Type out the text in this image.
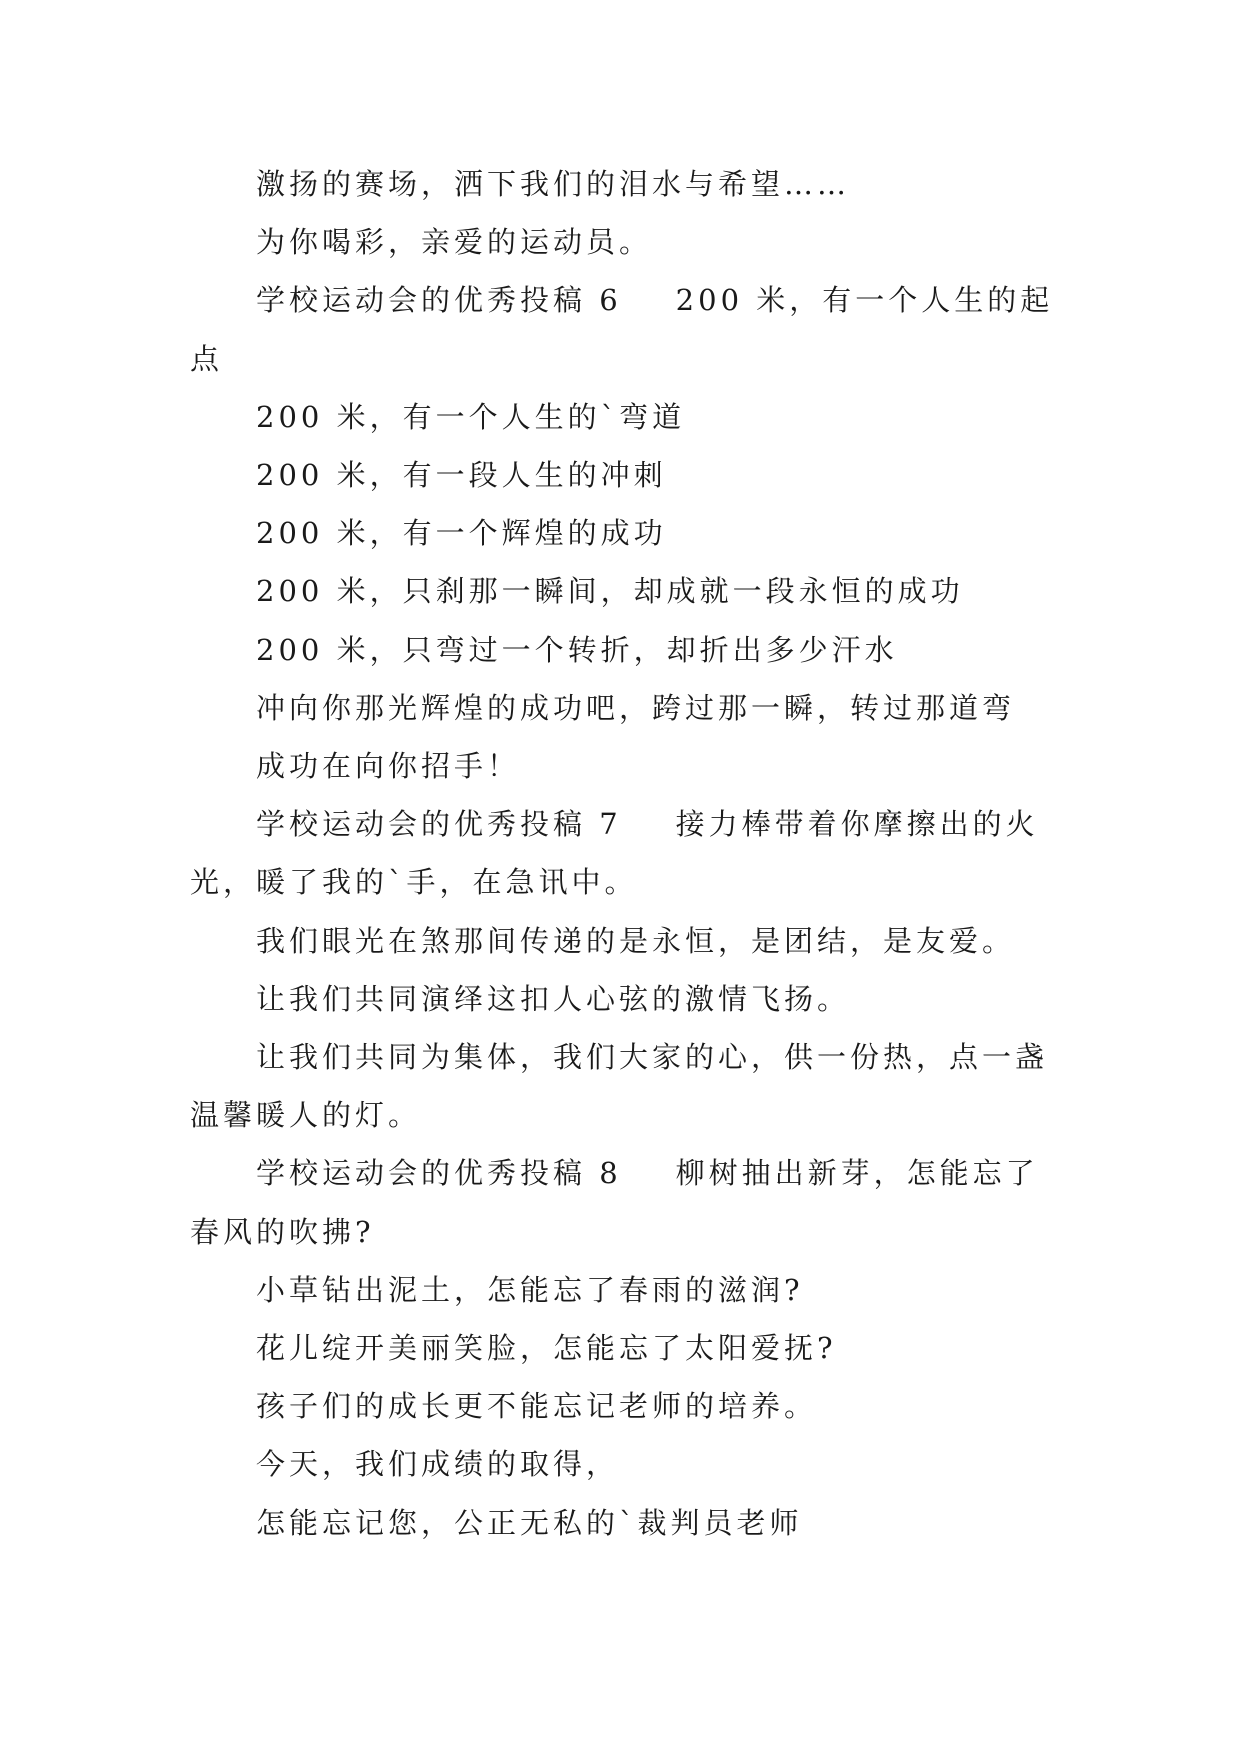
激扬的赛场，洒下我们的泪水与希望……

为你喝彩，亲爱的运动员。

学校运动会的优秀投稿 6 200 米，有一个人生的起点

200 米，有一个人生的`弯道

200 米，有一段人生的冲刺

200 米，有一个辉煌的成功

200 米，只刹那一瞬间，却成就一段永恒的成功

200 米，只弯过一个转折，却折出多少汗水

冲向你那光辉煌的成功吧，跨过那一瞬，转过那道弯

成功在向你招手！

学校运动会的优秀投稿 7 接力棒带着你摩擦出的火光，暖了我的`手，在急讯中。

我们眼光在煞那间传递的是永恒，是团结，是友爱。

让我们共同演绎这扣人心弦的激情飞扬。

让我们共同为集体，我们大家的心，供一份热，点一盏温馨暖人的灯。

学校运动会的优秀投稿 8 柳树抽出新芽，怎能忘了春风的吹拂?

小草钻出泥土，怎能忘了春雨的滋润?

花儿绽开美丽笑脸，怎能忘了太阳爱抚?

孩子们的成长更不能忘记老师的培养。

今天，我们成绩的取得，

怎能忘记您，公正无私的`裁判员老师
